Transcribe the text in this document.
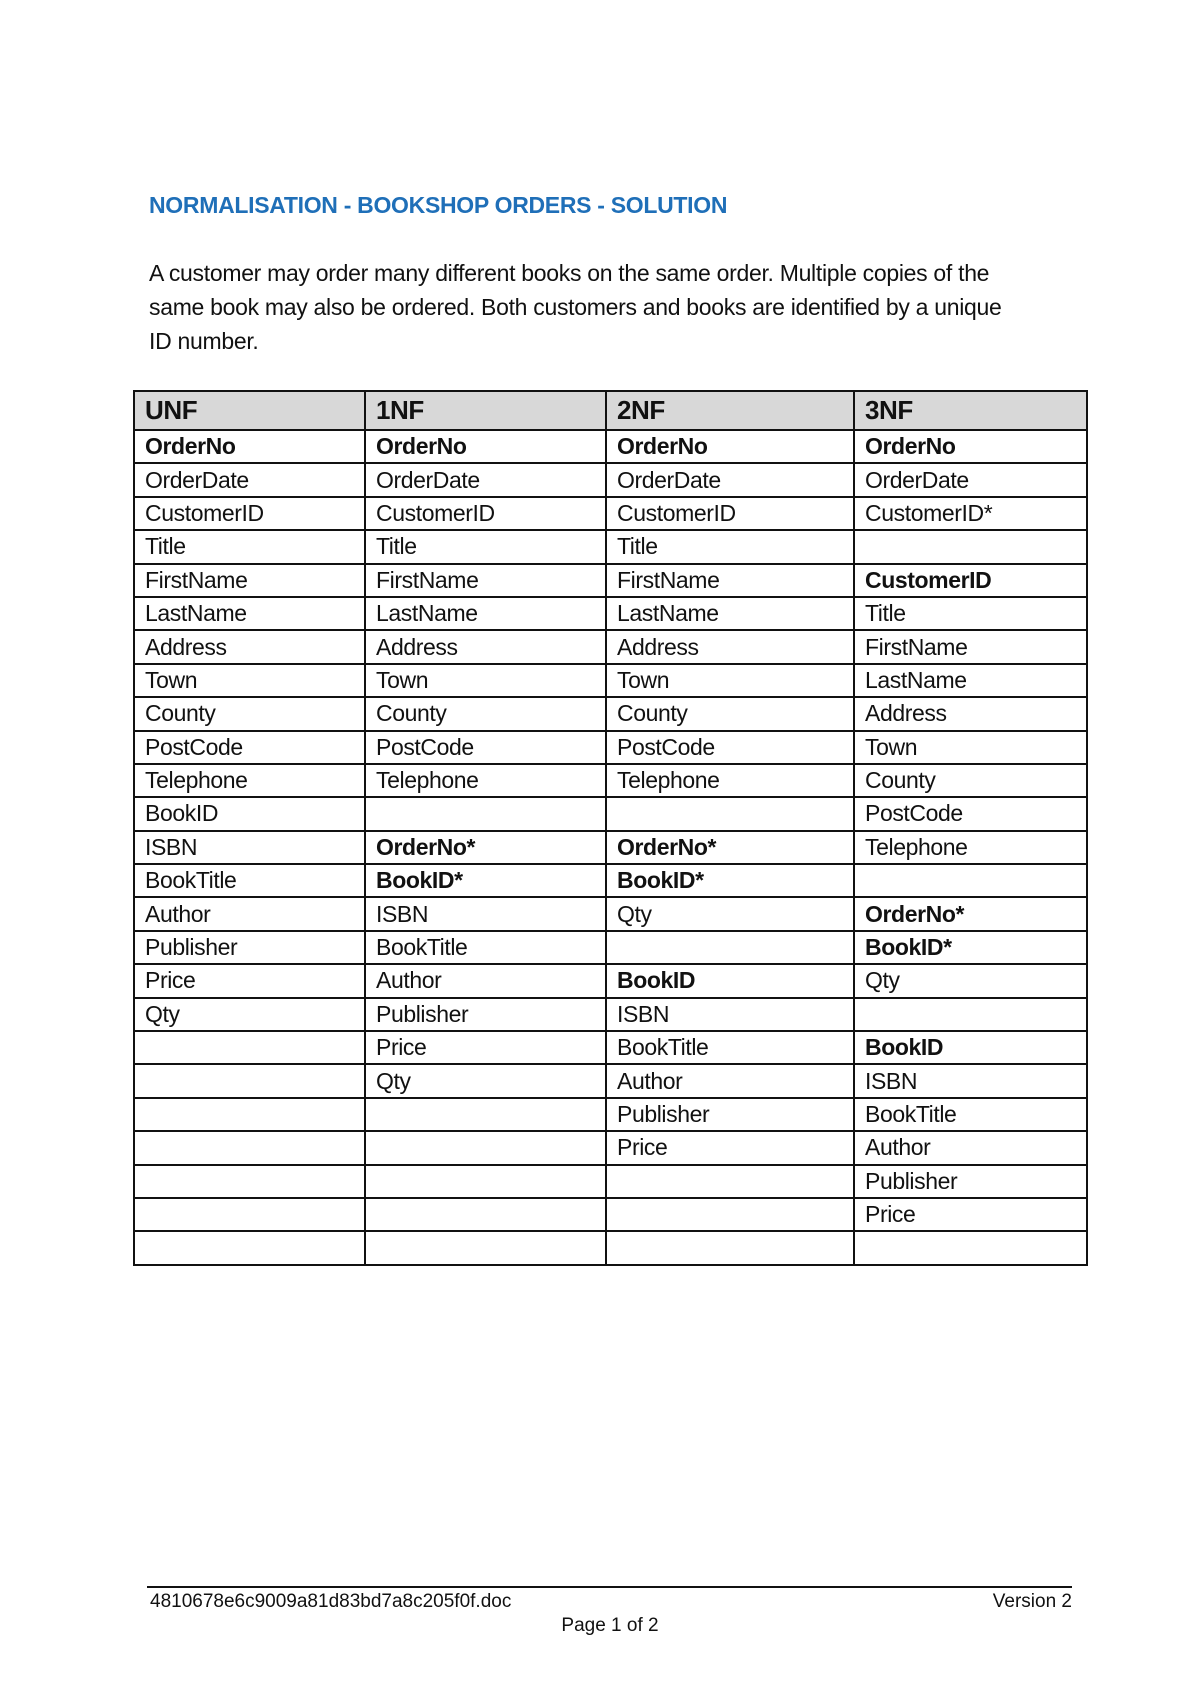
NORMALISATION - BOOKSHOP ORDERS - SOLUTION

A customer may order many different books on the same order. Multiple copies of the
same book may also be ordered. Both customers and books are identified by a unique
ID number.

UNF	1NF	2NF	3NF
OrderNo	OrderNo	OrderNo	OrderNo
OrderDate	OrderDate	OrderDate	OrderDate
CustomerID	CustomerID	CustomerID	CustomerID*
Title	Title	Title	
FirstName	FirstName	FirstName	CustomerID
LastName	LastName	LastName	Title
Address	Address	Address	FirstName
Town	Town	Town	LastName
County	County	County	Address
PostCode	PostCode	PostCode	Town
Telephone	Telephone	Telephone	County
BookID			PostCode
ISBN	OrderNo*	OrderNo*	Telephone
BookTitle	BookID*	BookID*	
Author	ISBN	Qty	OrderNo*
Publisher	BookTitle		BookID*
Price	Author	BookID	Qty
Qty	Publisher	ISBN	
	Price	BookTitle	BookID
	Qty	Author	ISBN
		Publisher	BookTitle
		Price	Author
			Publisher
			Price

4810678e6c9009a81d83bd7a8c205f0f.doc	Version 2
Page 1 of 2
